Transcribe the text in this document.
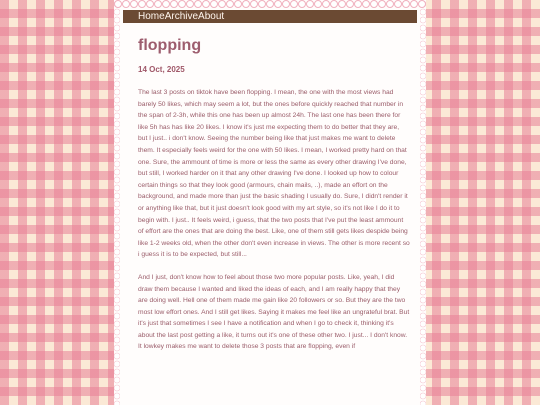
Home Archive About
flopping
14 Oct, 2025

The last 3 posts on tiktok have been flopping. I mean, the one with the most views had barely 50 likes, which may seem a lot, but the ones before quickly reached that number in the span of 2-3h, while this one has been up almost 24h. The last one has been there for like 5h has has like 20 likes. I know it's just me expecting them to do better that they are, but I just.. i don't know. Seeing the number being like that just makes me want to delete them. It especially feels weird for the one with 50 likes. I mean, I worked pretty hard on that one. Sure, the ammount of time is more or less the same as every other drawing I've done, but still, I worked harder on it that any other drawing I've done. I looked up how to colour certain things so that they look good (armours, chain mails, ..), made an effort on the background, and made more than just the basic shading I usually do. Sure, I didn't render it or anything like that, but it just doesn't look good with my art style, so it's not like I do it to begin with. I just.. It feels weird, i guess, that the two posts that I've put the least ammount of effort are the ones that are doing the best. Like, one of them still gets likes despide being like 1-2 weeks old, when the other don't even increase in views. The other is more recent so i guess it is to be expected, but still...

And I just, don't know how to feel about those two more popular posts. Like, yeah, I did draw them because I wanted and liked the ideas of each, and I am really happy that they are doing well. Hell one of them made me gain like 20 followers or so. But they are the two most low effort ones. And I still get likes. Saying it makes me feel like an ungrateful brat. But it's just that sometimes I see I have a notification and when I go to check it, thinking it's about the last post getting a like, it turns out it's one of these other two. I just... I don't know. It lowkey makes me want to delete those 3 posts that are flopping, even if
